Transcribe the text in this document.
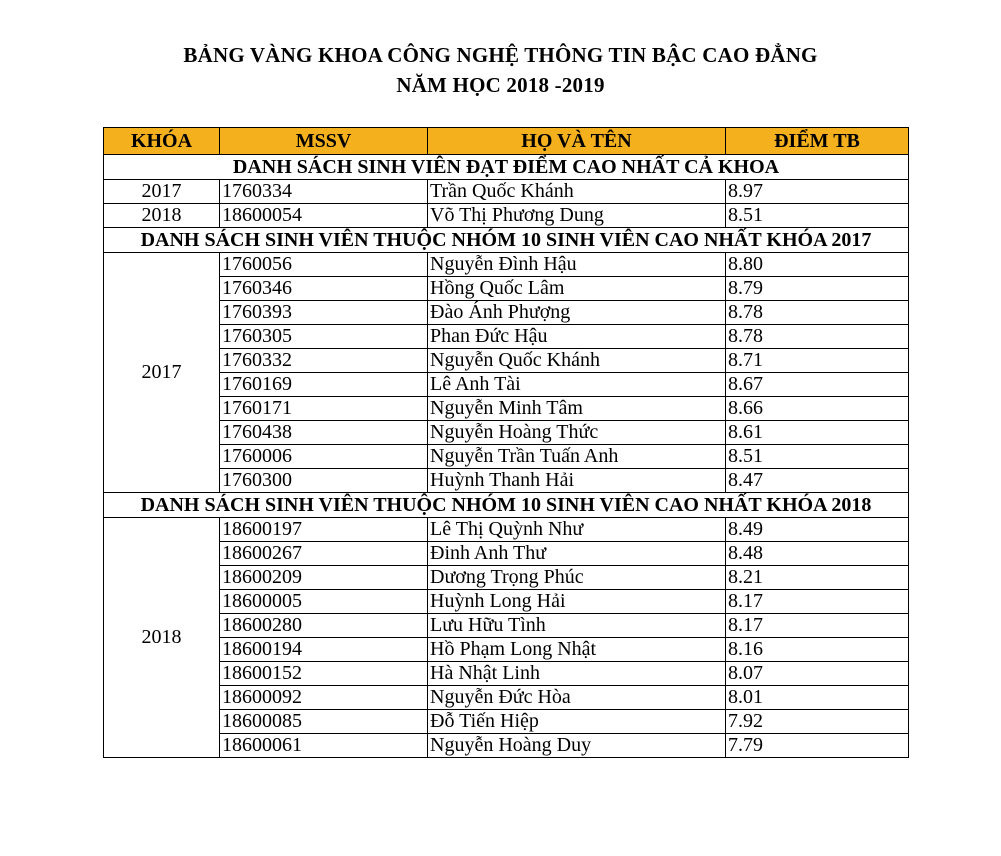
BẢNG VÀNG KHOA CÔNG NGHỆ THÔNG TIN BẬC CAO ĐẲNG
NĂM HỌC 2018 -2019
KHÓA	MSSV	HỌ VÀ TÊN	ĐIỂM TB
DANH SÁCH SINH VIÊN ĐẠT ĐIỂM CAO NHẤT CẢ KHOA			
2017	1760334	Trần Quốc Khánh	8.97
2018	18600054	Võ Thị Phương Dung	8.51
DANH SÁCH SINH VIÊN THUỘC NHÓM 10 SINH VIÊN CAO NHẤT KHÓA 2017			
2017	1760056	Nguyễn Đình Hậu	8.80
	1760346	Hồng Quốc Lâm	8.79
	1760393	Đào Ánh Phượng	8.78
	1760305	Phan Đức Hậu	8.78
	1760332	Nguyễn Quốc Khánh	8.71
	1760169	Lê Anh Tài	8.67
	1760171	Nguyễn Minh Tâm	8.66
	1760438	Nguyễn Hoàng Thức	8.61
	1760006	Nguyễn Trần Tuấn Anh	8.51
	1760300	Huỳnh Thanh Hải	8.47
DANH SÁCH SINH VIÊN THUỘC NHÓM 10 SINH VIÊN CAO NHẤT KHÓA 2018			
2018	18600197	Lê Thị Quỳnh Như	8.49
	18600267	Đinh Anh Thư	8.48
	18600209	Dương Trọng Phúc	8.21
	18600005	Huỳnh Long Hải	8.17
	18600280	Lưu Hữu Tình	8.17
	18600194	Hồ Phạm Long Nhật	8.16
	18600152	Hà Nhật Linh	8.07
	18600092	Nguyễn Đức Hòa	8.01
	18600085	Đỗ Tiến Hiệp	7.92
	18600061	Nguyễn Hoàng Duy	7.79
